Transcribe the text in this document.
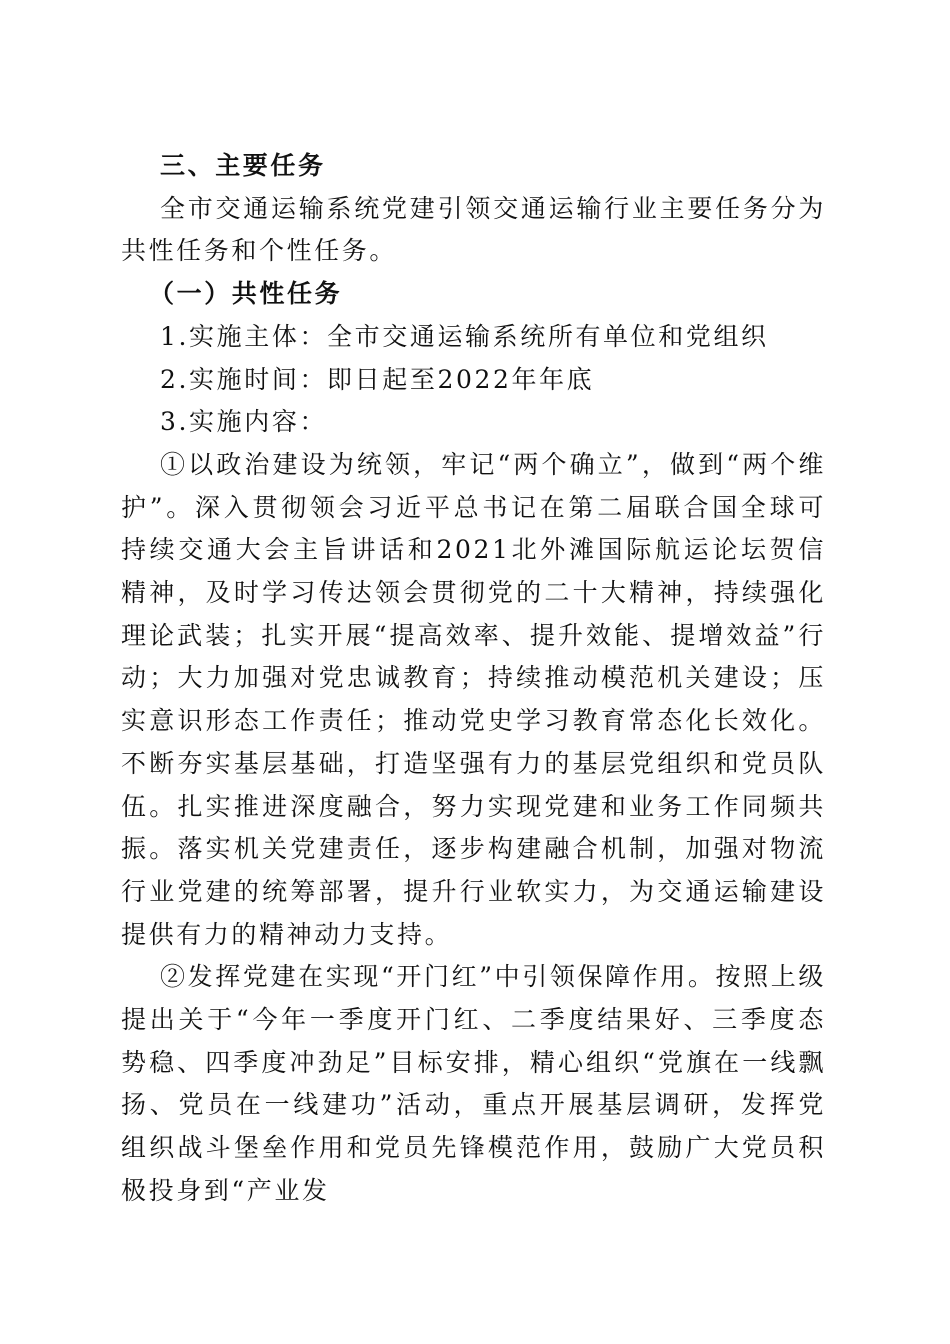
三、主要任务

全市交通运输系统党建引领交通运输行业主要任务分为共性任务和个性任务。

（一）共性任务

1.实施主体：全市交通运输系统所有单位和党组织

2.实施时间：即日起至2022年年底

3.实施内容：

①以政治建设为统领，牢记“两个确立”，做到“两个维护”。深入贯彻领会习近平总书记在第二届联合国全球可持续交通大会主旨讲话和2021北外滩国际航运论坛贺信精神，及时学习传达领会贯彻党的二十大精神，持续强化理论武装；扎实开展“提高效率、提升效能、提增效益”行动；大力加强对党忠诚教育；持续推动模范机关建设；压实意识形态工作责任；推动党史学习教育常态化长效化。不断夯实基层基础，打造坚强有力的基层党组织和党员队伍。扎实推进深度融合，努力实现党建和业务工作同频共振。落实机关党建责任，逐步构建融合机制，加强对物流行业党建的统筹部署，提升行业软实力，为交通运输建设提供有力的精神动力支持。

②发挥党建在实现“开门红”中引领保障作用。按照上级提出关于“今年一季度开门红、二季度结果好、三季度态势稳、四季度冲劲足”目标安排，精心组织“党旗在一线飘扬、党员在一线建功”活动，重点开展基层调研，发挥党组织战斗堡垒作用和党员先锋模范作用，鼓励广大党员积极投身到“产业发
